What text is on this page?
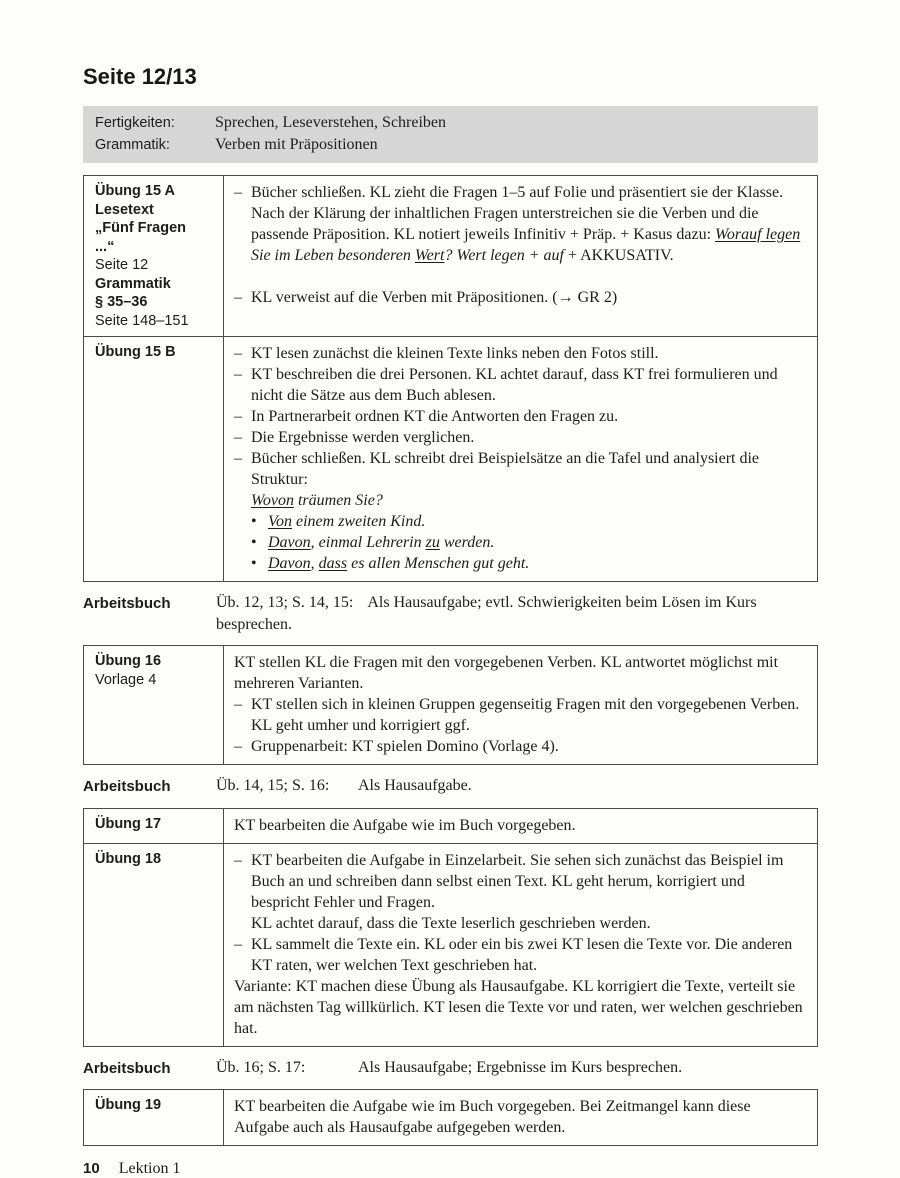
Seite 12/13
Fertigkeiten:	Sprechen, Leseverstehen, Schreiben
Grammatik:	Verben mit Präpositionen
Übung 15 A
Lesetext
„Fünf Fragen
...“
Seite 12
Grammatik
§ 35–36
Seite 148–151

– Bücher schließen. KL zieht die Fragen 1–5 auf Folie und präsentiert sie der Klasse. Nach der Klärung der inhaltlichen Fragen unterstreichen sie die Verben und die passende Präposition. KL notiert jeweils Infinitiv + Präp. + Kasus dazu: Worauf legen Sie im Leben besonderen Wert? Wert legen + auf + AKKUSATIV.
– KL verweist auf die Verben mit Präpositionen. (→ GR 2)

Übung 15 B	– KT lesen zunächst die kleinen Texte links neben den Fotos still.
– KT beschreiben die drei Personen. KL achtet darauf, dass KT frei formulieren und nicht die Sätze aus dem Buch ablesen.
– In Partnerarbeit ordnen KT die Antworten den Fragen zu.
– Die Ergebnisse werden verglichen.
– Bücher schließen. KL schreibt drei Beispielsätze an die Tafel und analysiert die Struktur:
Wovon träumen Sie?
• Von einem zweiten Kind.
• Davon, einmal Lehrerin zu werden.
• Davon, dass es allen Menschen gut geht.
Arbeitsbuch	Üb. 12, 13; S. 14, 15: Als Hausaufgabe; evtl. Schwierigkeiten beim Lösen im Kurs besprechen.
Übung 16
Vorlage 4

KT stellen KL die Fragen mit den vorgegebenen Verben. KL antwortet möglichst mit mehreren Varianten.
– KT stellen sich in kleinen Gruppen gegenseitig Fragen mit den vorgegebenen Verben. KL geht umher und korrigiert ggf.
– Gruppenarbeit: KT spielen Domino (Vorlage 4).
Arbeitsbuch	Üb. 14, 15; S. 16: Als Hausaufgabe.
Übung 17	KT bearbeiten die Aufgabe wie im Buch vorgegeben.

Übung 18	– KT bearbeiten die Aufgabe in Einzelarbeit. Sie sehen sich zunächst das Beispiel im Buch an und schreiben dann selbst einen Text. KL geht herum, korrigiert und bespricht Fehler und Fragen.
KL achtet darauf, dass die Texte leserlich geschrieben werden.
– KL sammelt die Texte ein. KL oder ein bis zwei KT lesen die Texte vor. Die anderen KT raten, wer welchen Text geschrieben hat.
Variante: KT machen diese Übung als Hausaufgabe. KL korrigiert die Texte, verteilt sie am nächsten Tag willkürlich. KT lesen die Texte vor und raten, wer welchen geschrieben hat.
Arbeitsbuch	Üb. 16; S. 17:	Als Hausaufgabe; Ergebnisse im Kurs besprechen.
Übung 19	KT bearbeiten die Aufgabe wie im Buch vorgegeben. Bei Zeitmangel kann diese Aufgabe auch als Hausaufgabe aufgegeben werden.
10 Lektion 1
